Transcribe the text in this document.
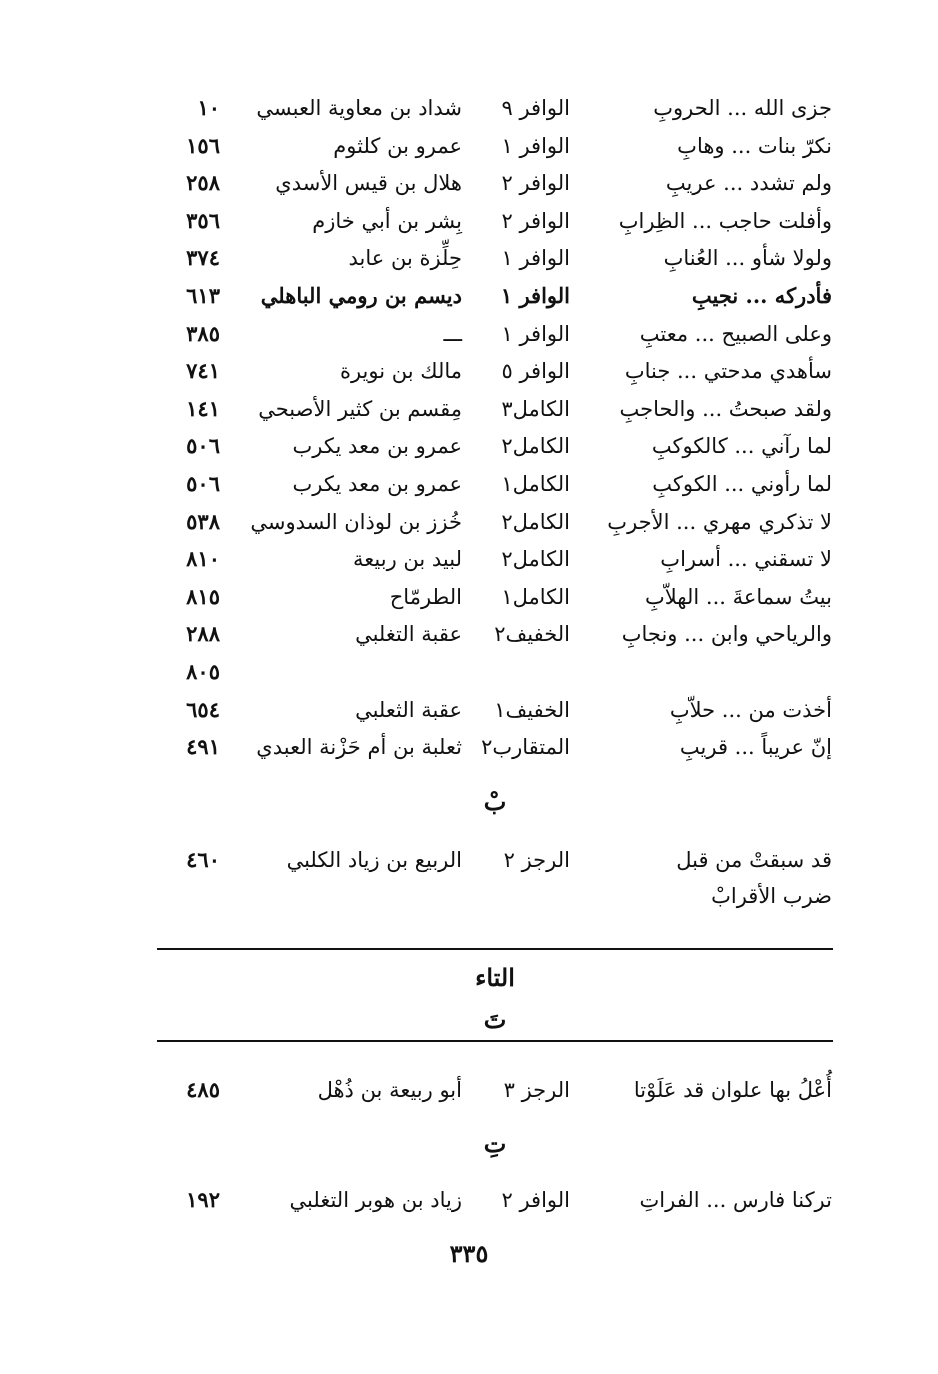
جزى الله ... الحروبِ
الوافر ٩
شداد بن معاوية العبسي
١٠
نكرّ بنات ... وهابِ
الوافر ١
عمرو بن كلثوم
١٥٦
ولم تشدد ... عريبِ
الوافر ٢
هلال بن قيس الأسدي
٢٥٨
وأفلت حاجب ... الظِرابِ
الوافر ٢
بِشر بن أبي خازم
٣٥٦
ولولا شأو ... العُنابِ
الوافر ١
حِلِّزة بن عابد
٣٧٤
فأدركه ... نجيبِ
الوافر ١
ديسم بن رومي الباهلي
٦١٣
وعلى الصبيح ... معتبِ
الوافر ١
ـــ
٣٨٥
سأهدي مدحتي ... جنابِ
الوافر ٥
مالك بن نويرة
٧٤١
ولقد صبحتُ ... والحاجبِ
الكامل٣
مِقسم بن كثير الأصبحي
١٤١
لما رآني ... كالكوكبِ
الكامل٢
عمرو بن معد يكرب
٥٠٦
لما رأوني ... الكوكبِ
الكامل١
عمرو بن معد يكرب
٥٠٦
لا تذكري مهري ... الأجربِ
الكامل٢
خُزز بن لوذان السدوسي
٥٣٨
لا تسقني ... أسرابِ
الكامل٢
لبيد بن ربيعة
٨١٠
بيتُ سماعةَ ... الهلاّبِ
الكامل١
الطرمّاح
٨١٥
والرياحي وابن ... ونجابِ
الخفيف٢
عقبة التغلبي
٢٨٨
٨٠٥
أخذت من ... حلاّبِ
الخفيف١
عقبة الثعلبي
٦٥٤
إنّ عريباً ... قريبِ
المتقارب٢
ثعلبة بن أم حَزْنة العبدي
٤٩١
بْ
قد سبقتْ من قبل
الرجز ٢
الربيع بن زياد الكلبي
٤٦٠
ضرب الأقرابْ
التاء
تَ
أُعْلُ بها علوان قد عَلَوْتا
الرجز ٣
أبو ربيعة بن ذُهْل
٤٨٥
تِ
تركنا فارس ... الفراتِ
الوافر ٢
زياد بن هوبر التغلبي
١٩٢
٣٣٥
